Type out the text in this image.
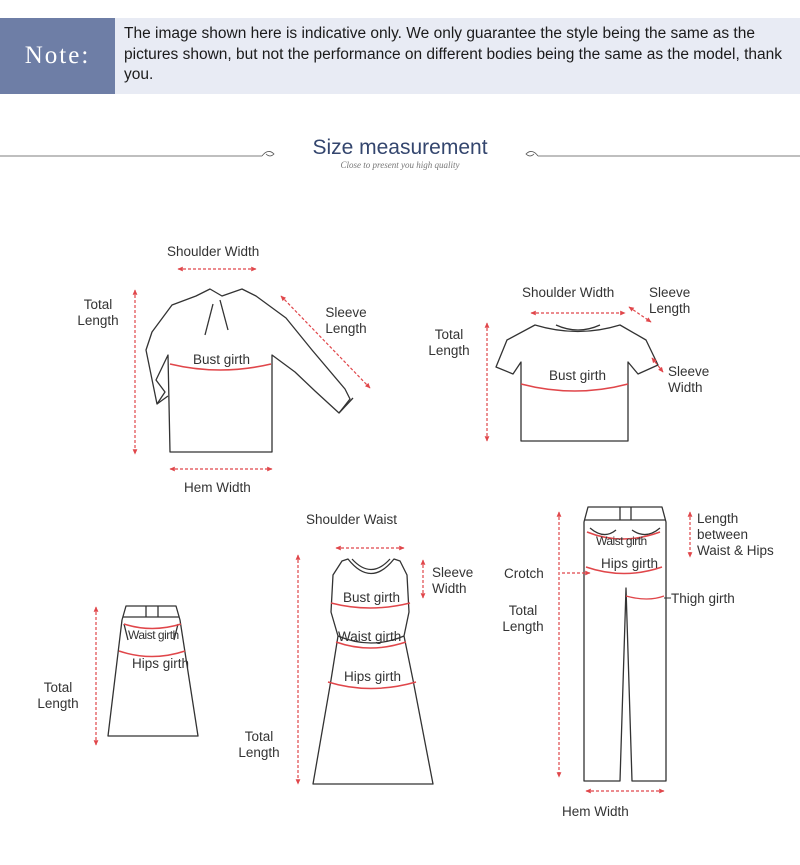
Note:
The image shown here is indicative only. We only guarantee the style being the same as the pictures shown, but not the performance on different bodies being the same as the model, thank you.
Size measurement
Close to present you high quality
Shoulder Width
Total
Length
Sleeve
Length
Bust girth
Hem Width
Shoulder Width	Sleeve
Length
Total
Length
Bust girth	Sleeve
Width
Waist girth
Hips girth
Total
Length
Shoulder Waist
Sleeve
Width
Bust girth
Waist girth
Hips girth
Total
Length
Waist girth
Hips girth
Length
between
Waist & Hips
Crotch
Thigh girth
Total
Length
Hem Width
